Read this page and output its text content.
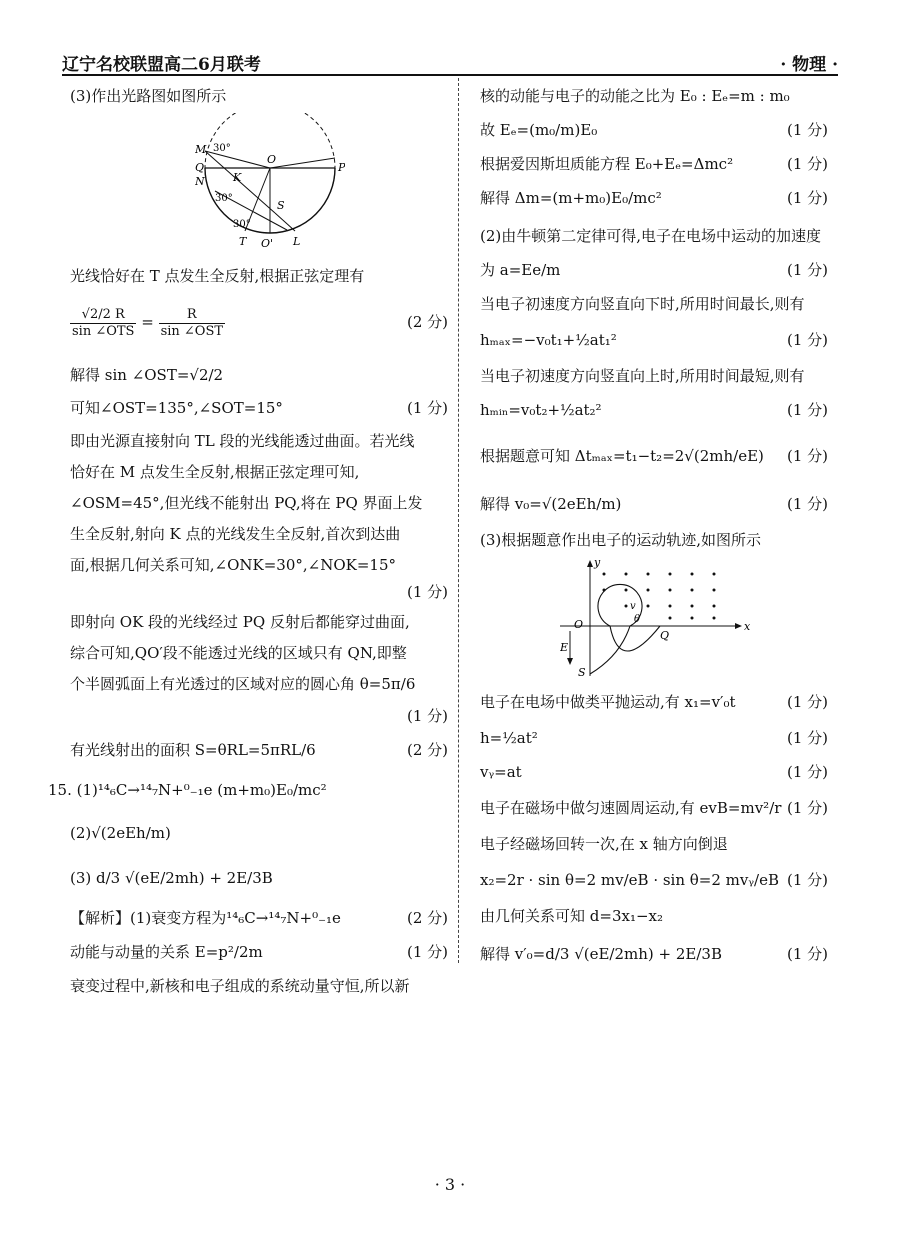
辽宁名校联盟高二6月联考	· 物理 ·
(3)作出光路图如图所示
M
Q
N	K
O
P
S
T O' L
30°
30°
30°
光线恰好在 T 点发生全反射,根据正弦定理有
$\frac{√2/2 R}{\text{sin ∠OTS}} = \frac{R}{\text{sin ∠OST}}$	(2 分)
解得 sin ∠OST=√2/2
可知∠OST=135°,∠SOT=15°	(1 分)
即由光源直接射向 TL 段的光线能透过曲面。若光线
恰好在 M 点发生全反射,根据正弦定理可知,
∠OSM=45°,但光线不能射出 PQ,将在 PQ 界面上发
生全反射,射向 K 点的光线发生全反射,首次到达曲
面,根据几何关系可知,∠ONK=30°,∠NOK=15°
(1 分)
即射向 OK 段的光线经过 PQ 反射后都能穿过曲面,
综合可知,QO′段不能透过光线的区域只有 QN,即整
个半圆弧面上有光透过的区域对应的圆心角 θ=5π/6
(1 分)
有光线射出的面积 S=θRL=5πRL/6	(2 分)
15. (1)¹⁴₆C→¹⁴₇N+⁰₋₁e (m+m₀)E₀/mc²
(2)√(2eEh/m)
(3) d/3 √(eE/2mh) + 2E/3B
【解析】(1)衰变方程为¹⁴₆C→¹⁴₇N+⁰₋₁e	(2 分)
动能与动量的关系 E=p²/2m	(1 分)
衰变过程中,新核和电子组成的系统动量守恒,所以新
核的动能与电子的动能之比为 E₀ : Eₑ=m : m₀
故 Eₑ=(m₀/m)E₀	(1 分)
根据爱因斯坦质能方程 E₀+Eₑ=Δmc²	(1 分)
解得 Δm=(m+m₀)E₀/mc²	(1 分)
(2)由牛顿第二定律可得,电子在电场中运动的加速度
为 a=Ee/m	(1 分)
当电子初速度方向竖直向下时,所用时间最长,则有
hₘₐₓ=−v₀t₁+½at₁²	(1 分)
当电子初速度方向竖直向上时,所用时间最短,则有
hₘᵢₙ=v₀t₂+½at₂²	(1 分)
根据题意可知 Δtₘₐₓ=t₁−t₂=2√(2mh/eE) (1 分)
解得 v₀=√(2eEh/m)	(1 分)
(3)根据题意作出电子的运动轨迹,如图所示
O
Q
x
y
E
S
v
θ
电子在电场中做类平抛运动,有 x₁=v′₀t	(1 分)
h=½at²	(1 分)
vᵧ=at	(1 分)
电子在磁场中做匀速圆周运动,有 evB=mv²/r (1 分)
电子经磁场回转一次,在 x 轴方向倒退
x₂=2r · sin θ=2 mv/eB · sin θ=2 mvᵧ/eB (1 分)
由几何关系可知 d=3x₁−x₂
解得 v′₀=d/3 √(eE/2mh) + 2E/3B	(1 分)
· 3 ·
